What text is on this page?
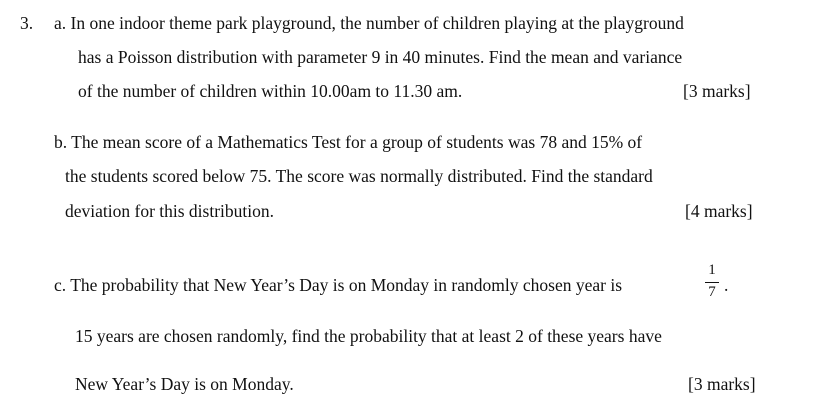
3. a. In one indoor theme park playground, the number of children playing at the playground
has a Poisson distribution with parameter 9 in 40 minutes. Find the mean and variance
of the number of children within 10.00am to 11.30 am.	[3 marks]
b. The mean score of a Mathematics Test for a group of students was 78 and 15% of
the students scored below 75. The score was normally distributed. Find the standard
deviation for this distribution.	[4 marks]
c. The probability that New Year’s Day is on Monday in randomly chosen year is
1
7 .
15 years are chosen randomly, find the probability that at least 2 of these years have
New Year’s Day is on Monday.	[3 marks]
